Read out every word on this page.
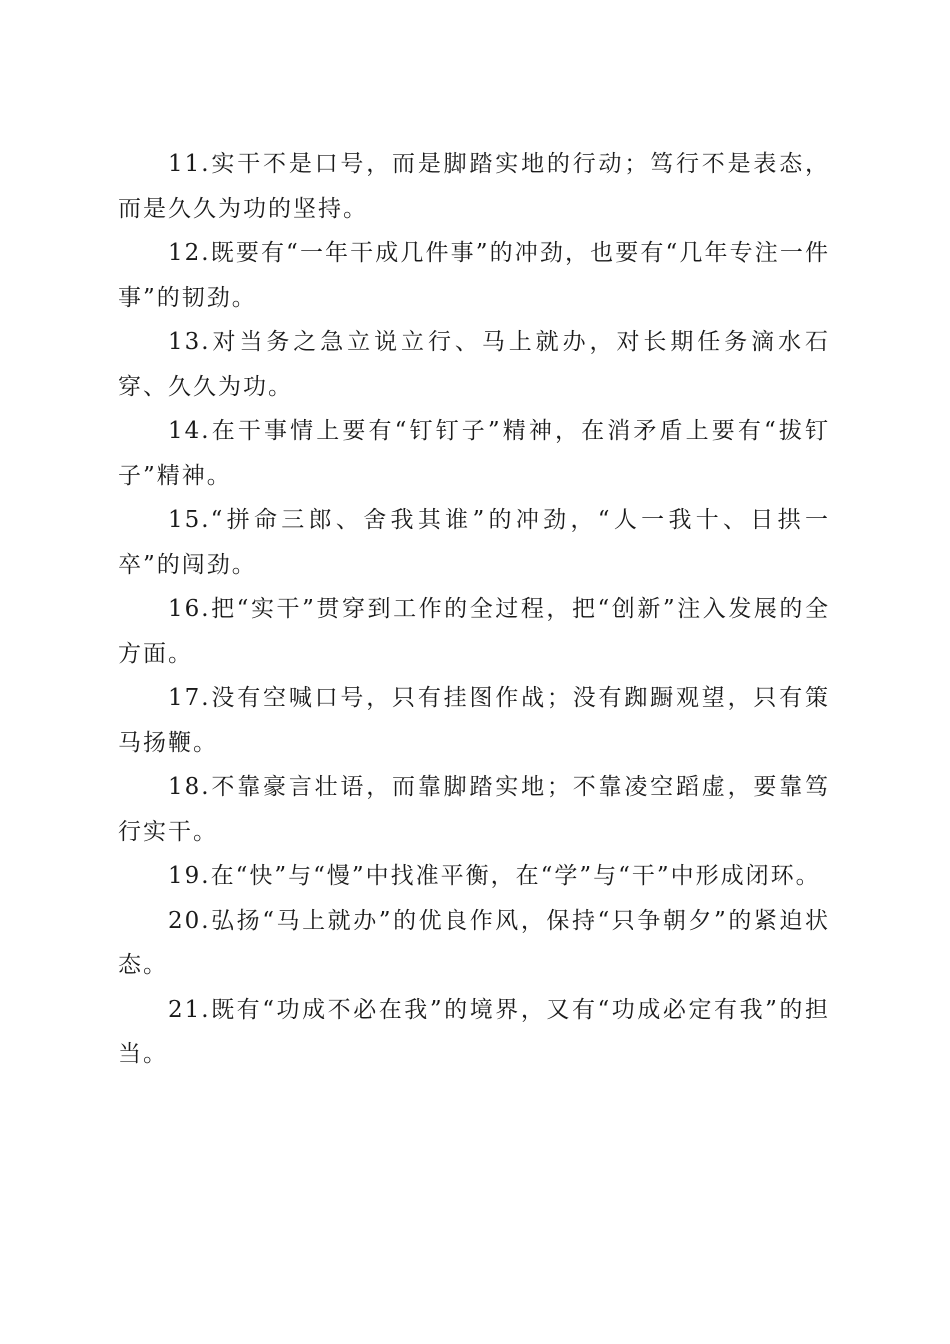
11.实干不是口号，而是脚踏实地的行动；笃行不是表态，而是久久为功的坚持。

12.既要有“一年干成几件事”的冲劲，也要有“几年专注一件事”的韧劲。

13.对当务之急立说立行、马上就办，对长期任务滴水石穿、久久为功。

14.在干事情上要有“钉钉子”精神，在消矛盾上要有“拔钉子”精神。

15.“拼命三郎、舍我其谁”的冲劲，“人一我十、日拱一卒”的闯劲。

16.把“实干”贯穿到工作的全过程，把“创新”注入发展的全方面。

17.没有空喊口号，只有挂图作战；没有踟蹰观望，只有策马扬鞭。

18.不靠豪言壮语，而靠脚踏实地；不靠凌空蹈虚，要靠笃行实干。

19.在“快”与“慢”中找准平衡，在“学”与“干”中形成闭环。

20.弘扬“马上就办”的优良作风，保持“只争朝夕”的紧迫状态。

21.既有“功成不必在我”的境界，又有“功成必定有我”的担当。
